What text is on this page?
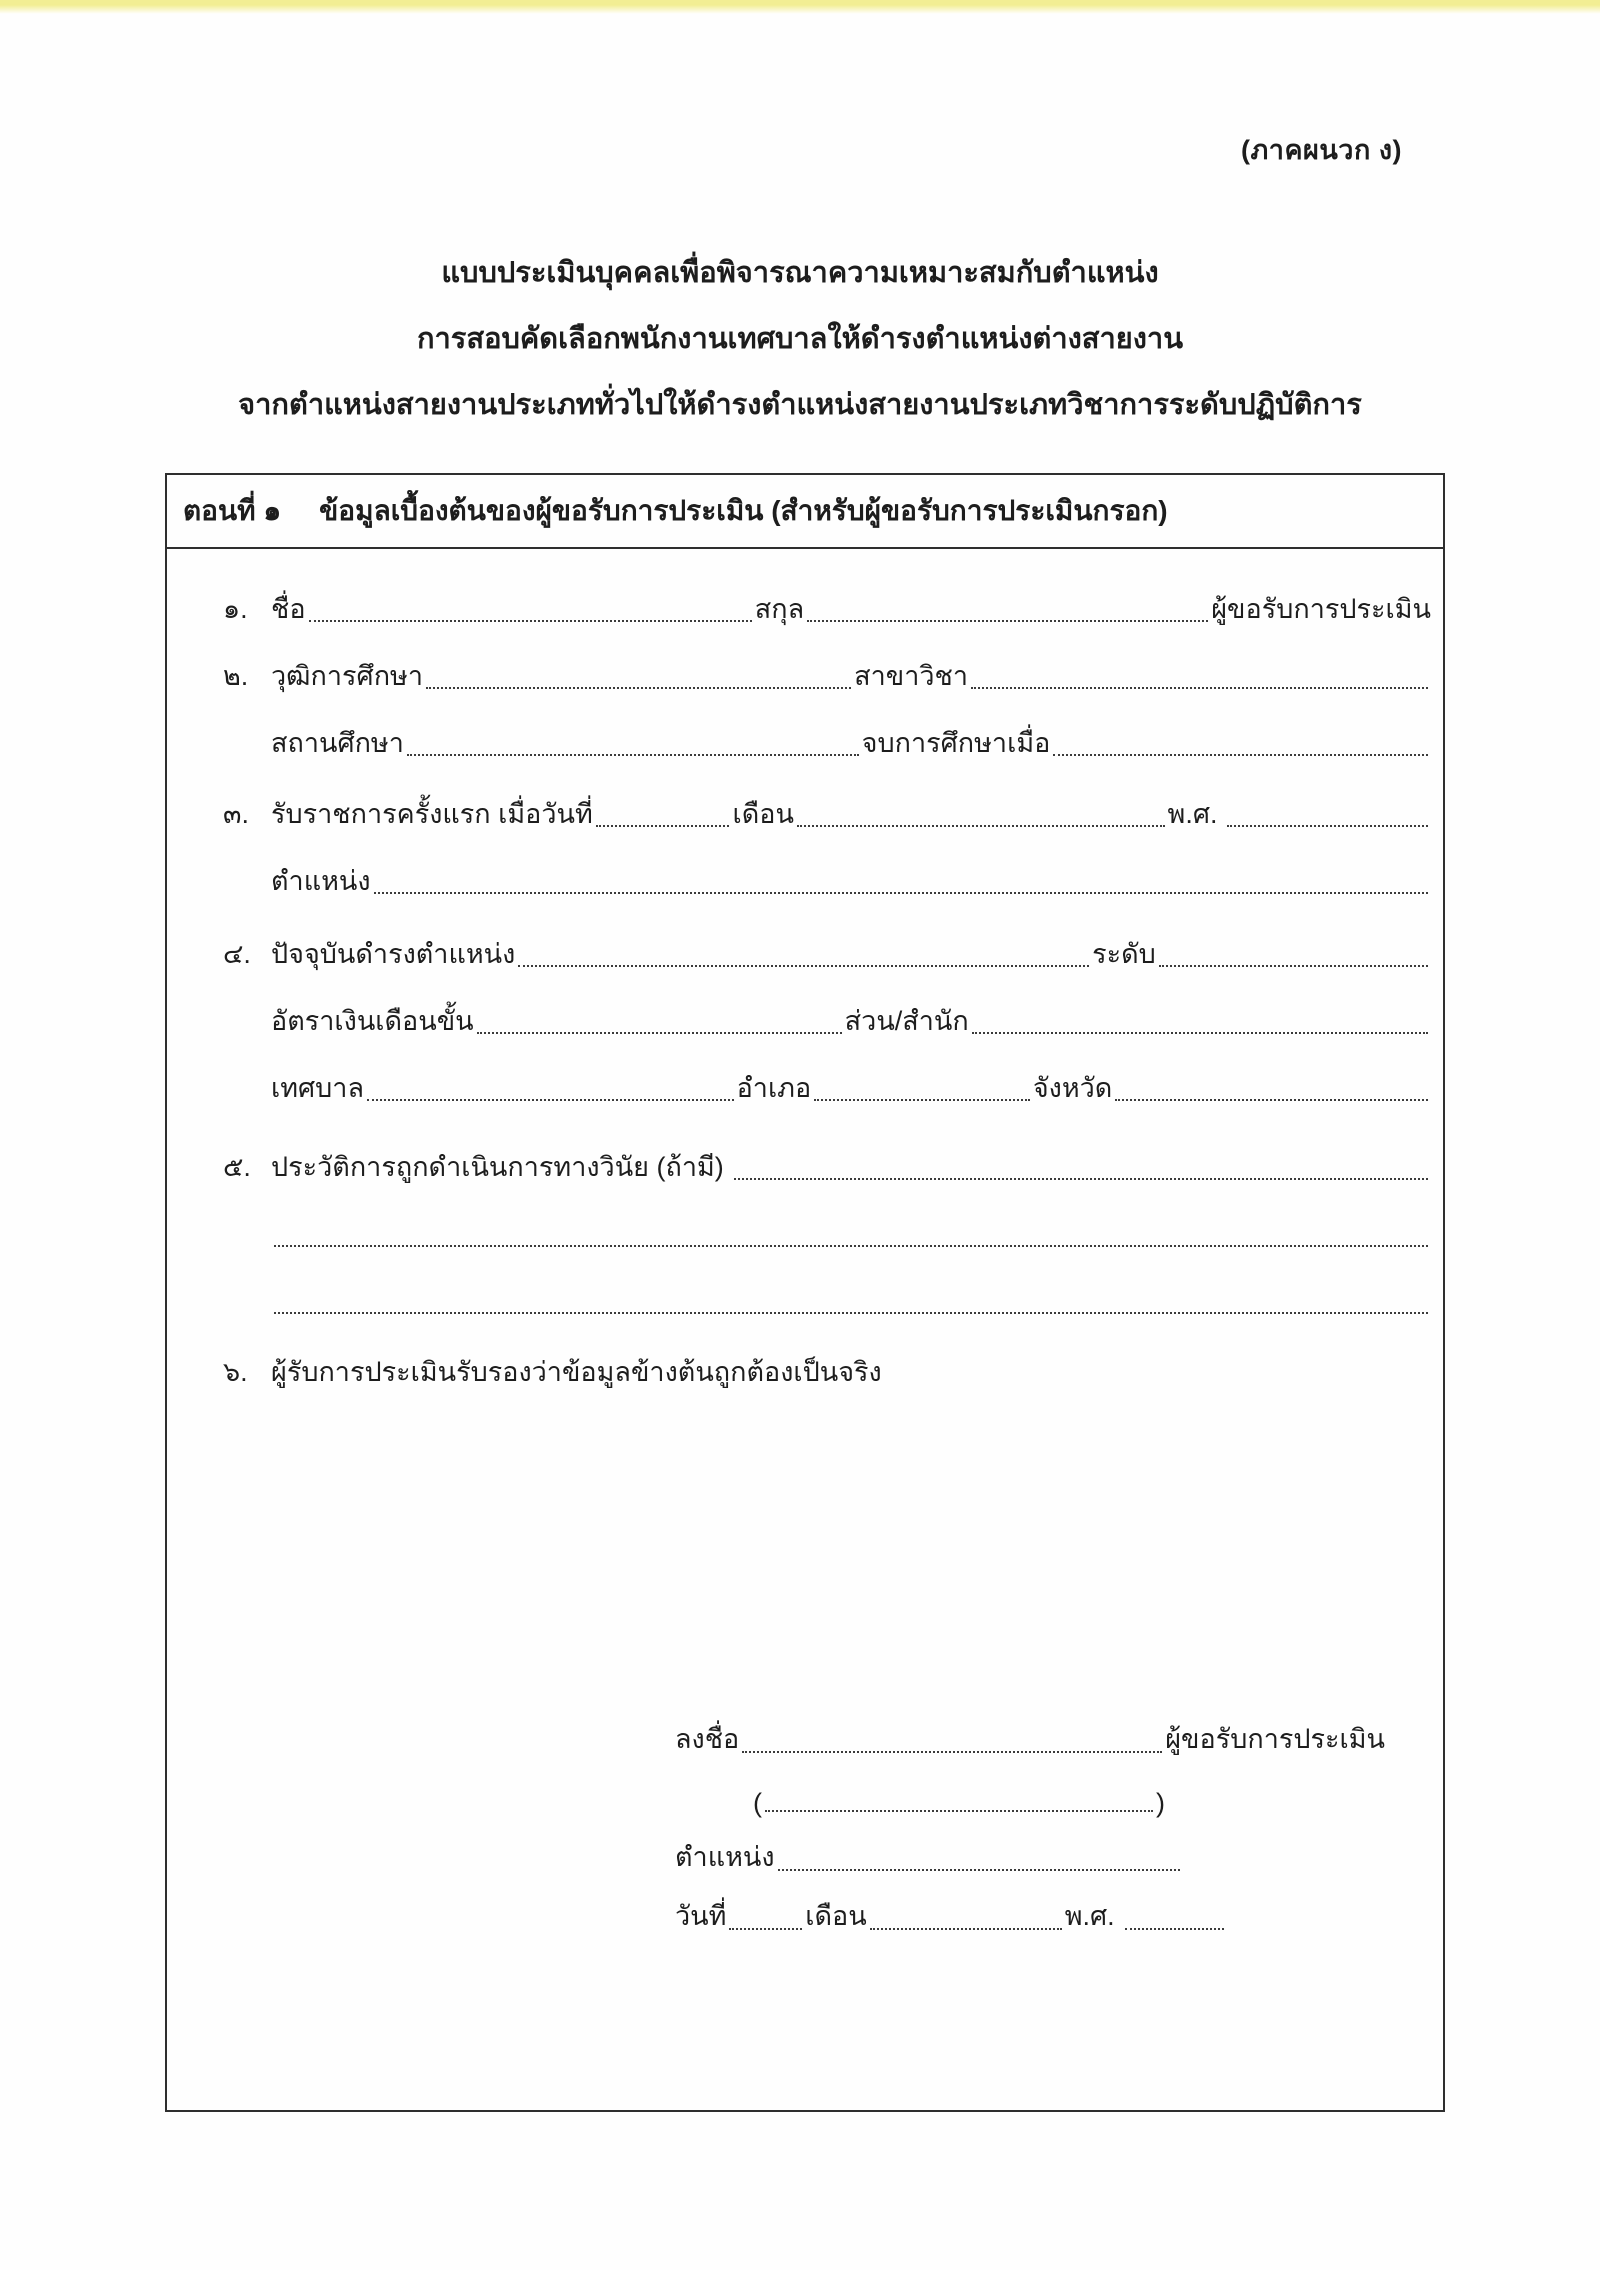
(ภาคผนวก ง)
แบบประเมินบุคคลเพื่อพิจารณาความเหมาะสมกับตำแหน่ง
การสอบคัดเลือกพนักงานเทศบาลให้ดำรงตำแหน่งต่างสายงาน
จากตำแหน่งสายงานประเภททั่วไปให้ดำรงตำแหน่งสายงานประเภทวิชาการระดับปฏิบัติการ
ตอนที่ ๑ ข้อมูลเบื้องต้นของผู้ขอรับการประเมิน (สำหรับผู้ขอรับการประเมินกรอก)
๑. ชื่อ	สกุล	ผู้ขอรับการประเมิน
๒. วุฒิการศึกษา	สาขาวิชา
สถานศึกษา	จบการศึกษาเมื่อ
๓. รับราชการครั้งแรก เมื่อวันที่	เดือน	พ.ศ.
ตำแหน่ง
๔. ปัจจุบันดำรงตำแหน่ง	ระดับ
อัตราเงินเดือนขั้น	ส่วน/สำนัก
เทศบาล	อำเภอ	จังหวัด
๕. ประวัติการถูกดำเนินการทางวินัย (ถ้ามี)
๖. ผู้รับการประเมินรับรองว่าข้อมูลข้างต้นถูกต้องเป็นจริง
ลงชื่อ	ผู้ขอรับการประเมิน
(	)
ตำแหน่ง
วันที่	เดือน	พ.ศ.
